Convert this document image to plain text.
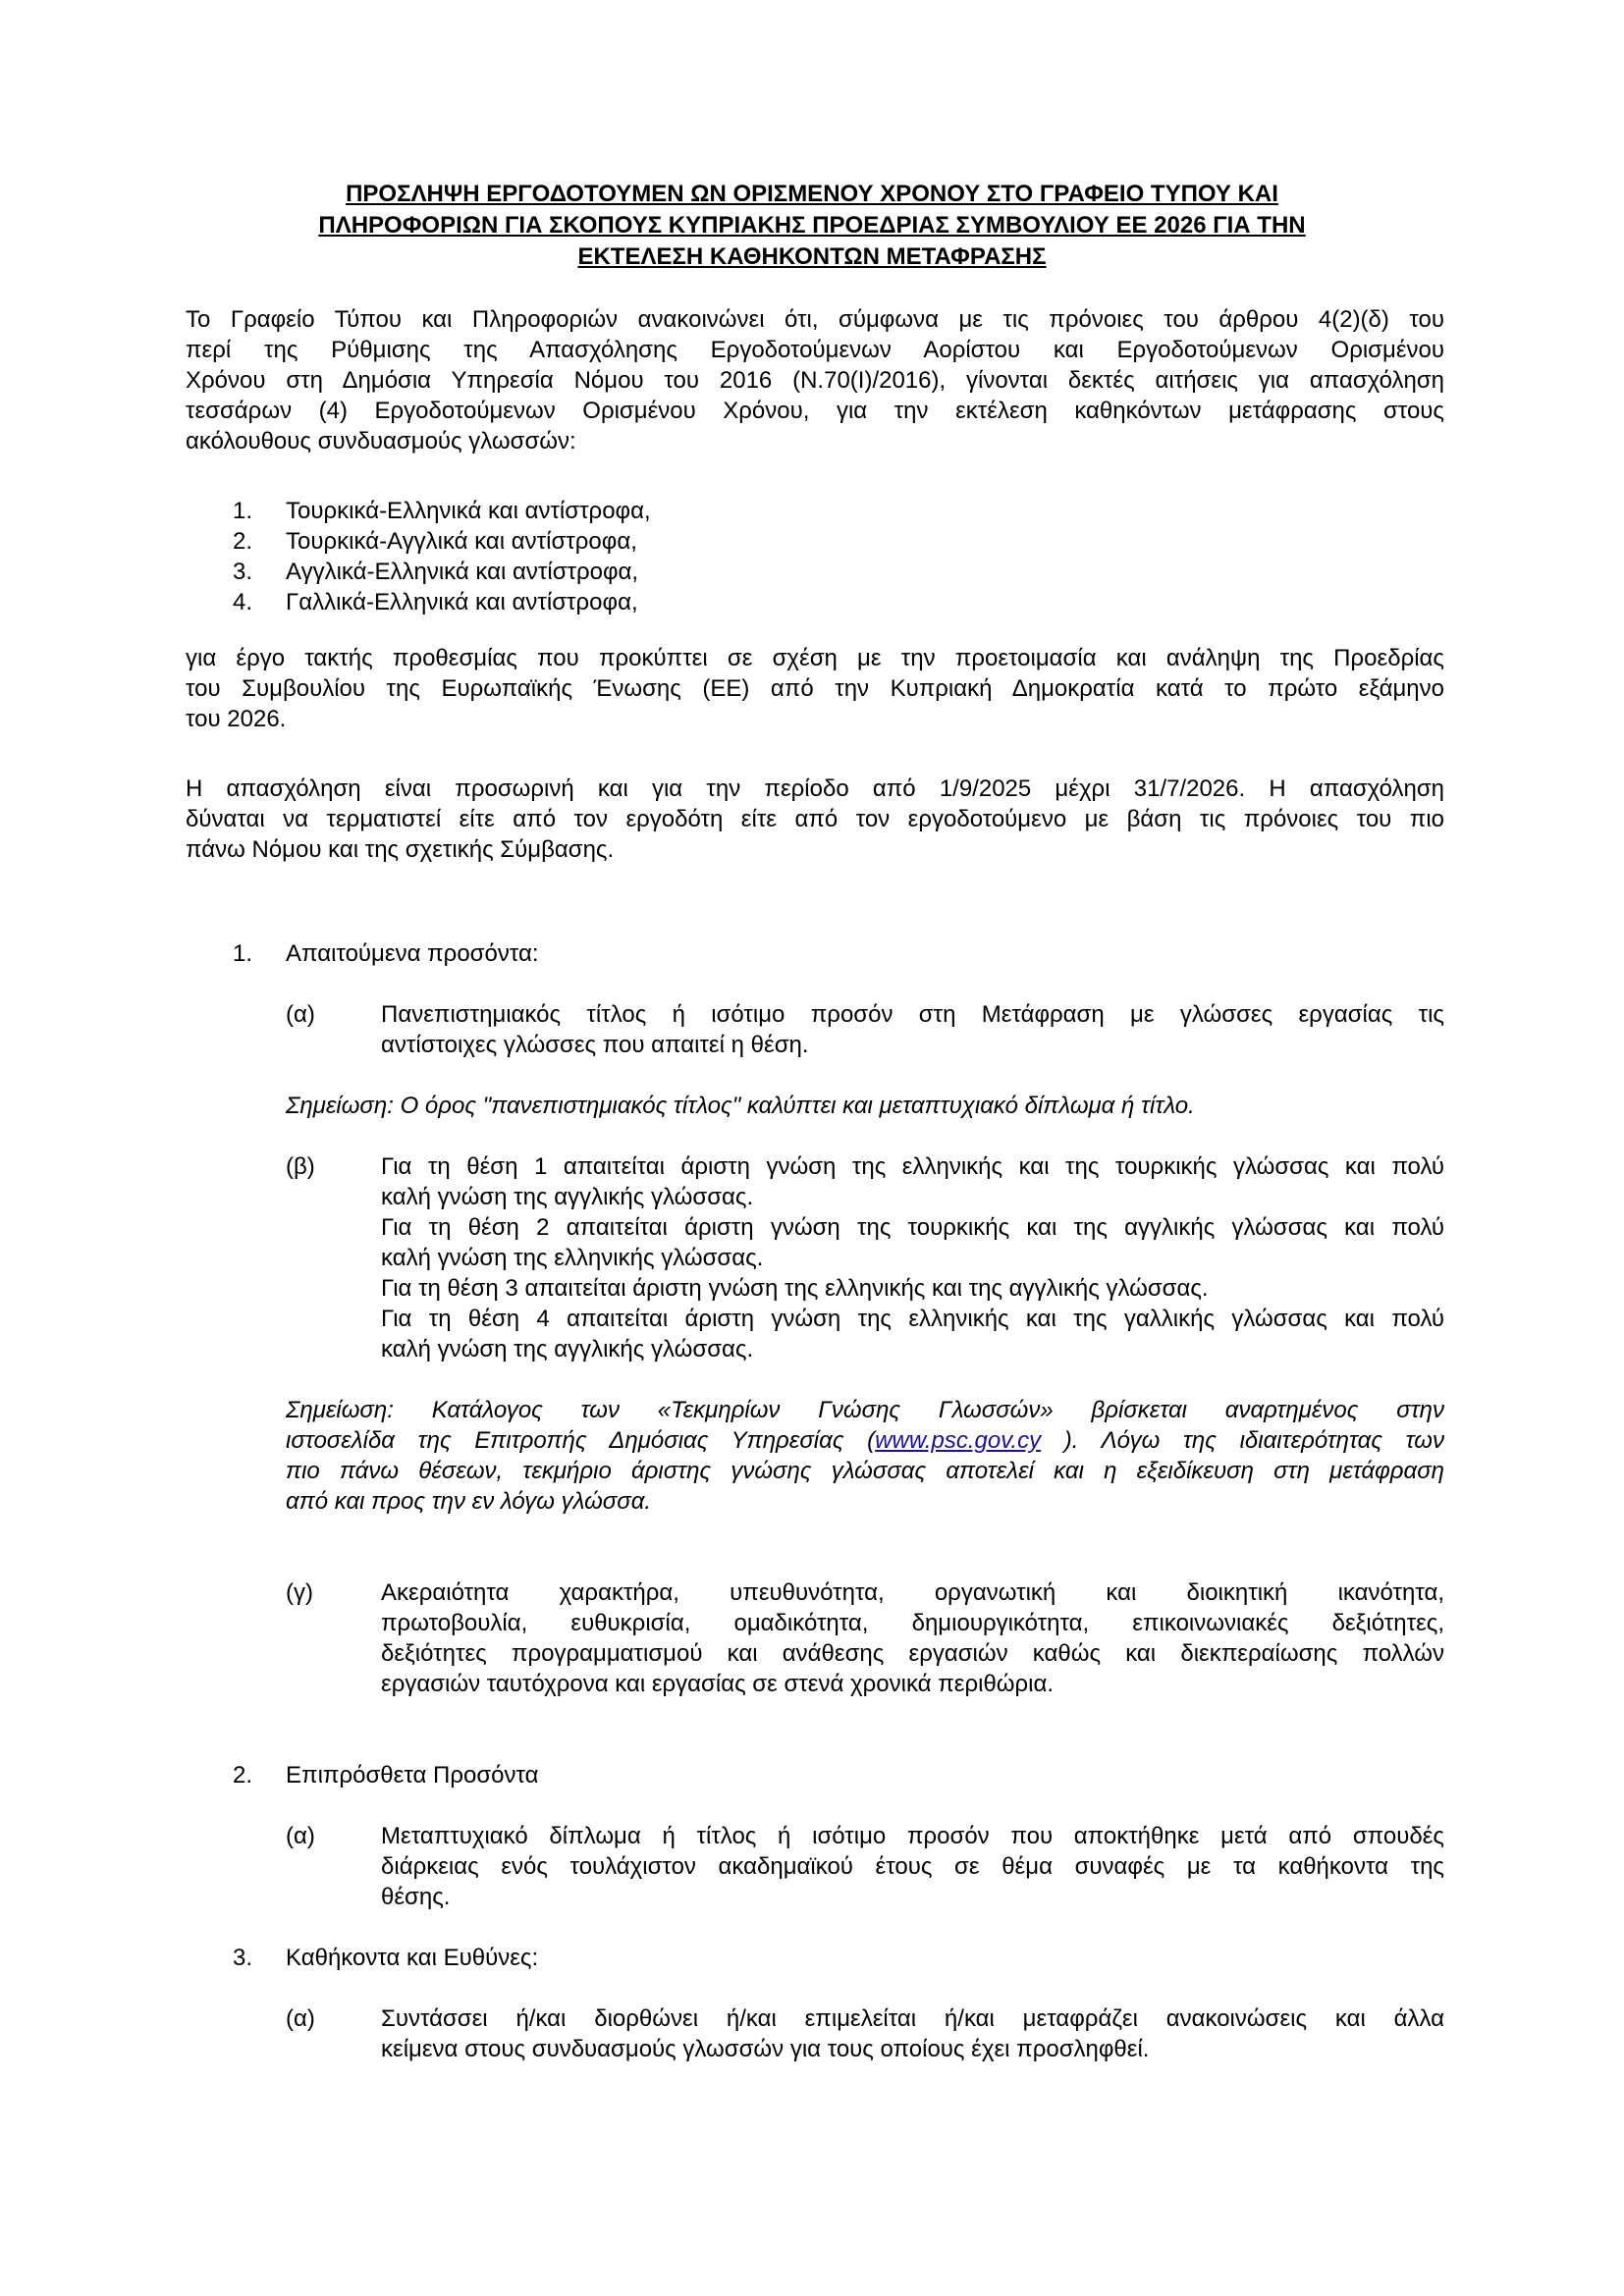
ΠΡΟΣΛΗΨΗ ΕΡΓΟΔΟΤΟΥΜΕΝ ΩΝ ΟΡΙΣΜΕΝΟΥ ΧΡΟΝΟΥ ΣΤΟ ΓΡΑΦΕΙΟ ΤΥΠΟΥ ΚΑΙ
ΠΛΗΡΟΦΟΡΙΩΝ ΓΙΑ ΣΚΟΠΟΥΣ ΚΥΠΡΙΑΚΗΣ ΠΡΟΕΔΡΙΑΣ ΣΥΜΒΟΥΛΙΟΥ ΕΕ 2026 ΓΙΑ ΤΗΝ
ΕΚΤΕΛΕΣΗ ΚΑΘΗΚΟΝΤΩΝ ΜΕΤΑΦΡΑΣΗΣ
Το Γραφείο Τύπου και Πληροφοριών ανακοινώνει ότι, σύμφωνα με τις πρόνοιες του άρθρου 4(2)(δ) του
περί της Ρύθμισης της Απασχόλησης Εργοδοτούμενων Αορίστου και Εργοδοτούμενων Ορισμένου
Χρόνου στη Δημόσια Υπηρεσία Νόμου του 2016 (Ν.70(Ι)/2016), γίνονται δεκτές αιτήσεις για απασχόληση
τεσσάρων (4) Εργοδοτούμενων Ορισμένου Χρόνου, για την εκτέλεση καθηκόντων μετάφρασης στους
ακόλουθους συνδυασμούς γλωσσών:
1.	Τουρκικά-Ελληνικά και αντίστροφα,
2.	Τουρκικά-Αγγλικά και αντίστροφα,
3.	Αγγλικά-Ελληνικά και αντίστροφα,
4.	Γαλλικά-Ελληνικά και αντίστροφα,
για έργο τακτής προθεσμίας που προκύπτει σε σχέση με την προετοιμασία και ανάληψη της Προεδρίας
του Συμβουλίου της Ευρωπαϊκής Ένωσης (ΕΕ) από την Κυπριακή Δημοκρατία κατά το πρώτο εξάμηνο
του 2026.
Η απασχόληση είναι προσωρινή και για την περίοδο από 1/9/2025 μέχρι 31/7/2026. Η απασχόληση
δύναται να τερματιστεί είτε από τον εργοδότη είτε από τον εργοδοτούμενο με βάση τις πρόνοιες του πιο
πάνω Νόμου και της σχετικής Σύμβασης.
1.	Απαιτούμενα προσόντα:
(α)	Πανεπιστημιακός τίτλος ή ισότιμο προσόν στη Μετάφραση με γλώσσες εργασίας τις
αντίστοιχες γλώσσες που απαιτεί η θέση.
Σημείωση: Ο όρος "πανεπιστημιακός τίτλος" καλύπτει και μεταπτυχιακό δίπλωμα ή τίτλο.
(β)	Για τη θέση 1 απαιτείται άριστη γνώση της ελληνικής και της τουρκικής γλώσσας και πολύ
καλή γνώση της αγγλικής γλώσσας.
Για τη θέση 2 απαιτείται άριστη γνώση της τουρκικής και της αγγλικής γλώσσας και πολύ
καλή γνώση της ελληνικής γλώσσας.
Για τη θέση 3 απαιτείται άριστη γνώση της ελληνικής και της αγγλικής γλώσσας.
Για τη θέση 4 απαιτείται άριστη γνώση της ελληνικής και της γαλλικής γλώσσας και πολύ
καλή γνώση της αγγλικής γλώσσας.
Σημείωση: Κατάλογος των «Τεκμηρίων Γνώσης Γλωσσών» βρίσκεται αναρτημένος στην
ιστοσελίδα της Επιτροπής Δημόσιας Υπηρεσίας (www.psc.gov.cy ). Λόγω της ιδιαιτερότητας των
πιο πάνω θέσεων, τεκμήριο άριστης γνώσης γλώσσας αποτελεί και η εξειδίκευση στη μετάφραση
από και προς την εν λόγω γλώσσα.
(γ)	Ακεραιότητα χαρακτήρα, υπευθυνότητα, οργανωτική και διοικητική ικανότητα,
πρωτοβουλία, ευθυκρισία, ομαδικότητα, δημιουργικότητα, επικοινωνιακές δεξιότητες,
δεξιότητες προγραμματισμού και ανάθεσης εργασιών καθώς και διεκπεραίωσης πολλών
εργασιών ταυτόχρονα και εργασίας σε στενά χρονικά περιθώρια.
2.	Επιπρόσθετα Προσόντα
(α)	Μεταπτυχιακό δίπλωμα ή τίτλος ή ισότιμο προσόν που αποκτήθηκε μετά από σπουδές
διάρκειας ενός τουλάχιστον ακαδημαϊκού έτους σε θέμα συναφές με τα καθήκοντα της
θέσης.
3.	Καθήκοντα και Ευθύνες:
(α)	Συντάσσει ή/και διορθώνει ή/και επιμελείται ή/και μεταφράζει ανακοινώσεις και άλλα
κείμενα στους συνδυασμούς γλωσσών για τους οποίους έχει προσληφθεί.
